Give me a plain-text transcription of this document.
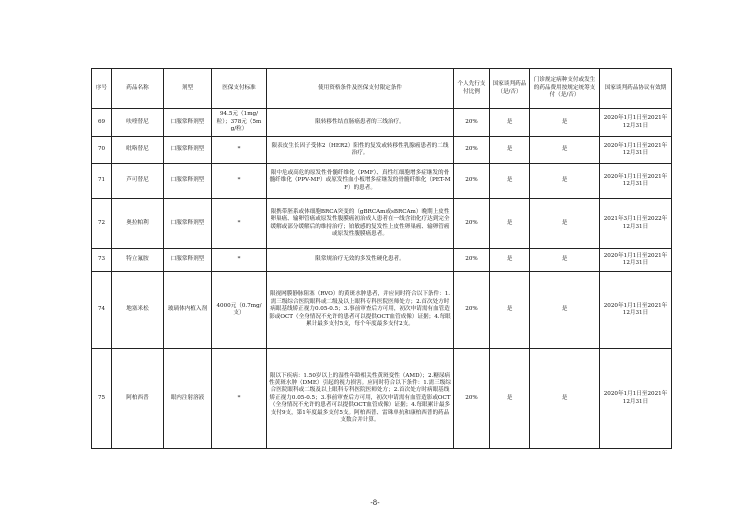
序号	药品名称	剂型	医保支付标准	使用资格条件及医保支付限定条件	个人先行支付比例	国家谈判药品（是/否）	门诊规定病种支付或发生的药品费用按规定统筹支付（是/否）	国家谈判药品协议有效期
69	呋喹替尼	口服常释剂型	94.5元（1mg/粒）；378元（5mg/粒）	限转移性结直肠癌患者的三线治疗。	20%	是	是	2020年1月1日至2021年12月31日
70	吡咯替尼	口服常释剂型	*	限表皮生长因子受体2（HER2）阳性的复发或转移性乳腺癌患者的二线治疗。	20%	是	是	2020年1月1日至2021年12月31日
71	芦可替尼	口服常释剂型	*	限中危或高危的原发性骨髓纤维化（PMF）、真性红细胞增多症继发的骨髓纤维化（PPV-MF）或原发性血小板增多症继发的骨髓纤维化（PET-MF）的患者。	20%	是	是	2020年1月1日至2021年12月31日
72	奥拉帕利	口服常释剂型	*	限携带胚系或体细胞BRCA突变的（gBRCAm或sBRCAm）晚期上皮性卵巢癌、输卵管癌或原发性腹膜癌初治成人患者在一线含铂化疗达到完全缓解或部分缓解后的维持治疗；铂敏感的复发性上皮性卵巢癌、输卵管癌或原发性腹膜癌患者。	20%	是	是	2021年3月1日至2022年12月31日
73	特立氟胺	口服常释剂型	*	限常规治疗无效的多发性硬化患者。	20%	是	是	2020年1月1日至2021年12月31日
74	地塞米松	玻璃体内植入剂	4000元（0.7mg/支）	限视网膜静脉阻塞（RVO）的黄斑水肿患者，并应同时符合以下条件：1.需三级综合医院眼科或二级及以上眼科专科医院医师处方；2.首次处方时病眼基线矫正视力0.05-0.5；3.事前审查后方可用，初次申请需有血管造影或OCT（全身情况不允许的患者可以提供OCT血管成像）证据；4.每眼累计最多支付5支，每个年度最多支付2支。	20%	是	是	2020年1月1日至2021年12月31日
75	阿柏西普	眼内注射溶液	*	限以下疾病：1.50岁以上的湿性年龄相关性黄斑变性（AMD）；2.糖尿病性黄斑水肿（DME）引起的视力损害。应同时符合以下条件：1.需三级综合医院眼科或二级及以上眼科专科医院医师处方；2.首次处方时病眼基线矫正视力0.05-0.5；3.事前审查后方可用，初次申请需有血管造影或OCT（全身情况不允许的患者可以提供OCT血管成像）证据；4.每眼累计最多支付9支，第1年度最多支付5支。阿柏西普、雷珠单抗和康柏西普的药品支数合并计算。	20%	是	是	2020年1月1日至2021年12月31日
-8-
